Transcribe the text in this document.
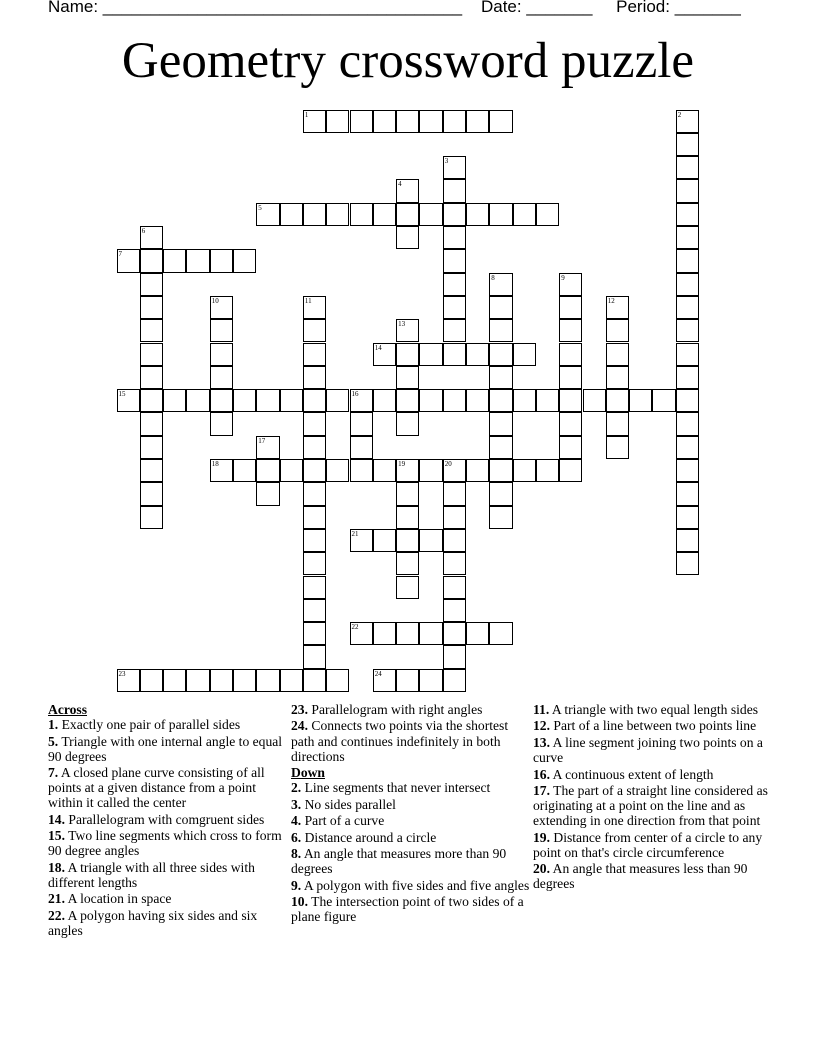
Name: ______________________________________    Date: _______     Period: _______
Geometry crossword puzzle
1	2
3
4
5
6
7
8	9
10	11	12
13
14
15	16
17
18	19	20
21
22
23	24
Across
1. Exactly one pair of parallel sides
5. Triangle with one internal angle to equal 90 degrees
7. A closed plane curve consisting of all points at a given distance from a point within it called the center
14. Parallelogram with comgruent sides
15. Two line segments which cross to form 90 degree angles
18. A triangle with all three sides with different lengths
21. A location in space
22. A polygon having six sides and six angles
23. Parallelogram with right angles
24. Connects two points via the shortest path and continues indefinitely in both directions
Down
2. Line segments that never intersect
3. No sides parallel
4. Part of a curve
6. Distance around a circle
8. An angle that measures more than 90 degrees
9. A polygon with five sides and five angles
10. The intersection point of two sides of a plane figure
11. A triangle with two equal length sides
12. Part of a line between two points line
13. A line segment joining two points on a curve
16. A continuous extent of length
17. The part of a straight line considered as originating at a point on the line and as extending in one direction from that point
19. Distance from center of a circle to any point on that's circle circumference
20. An angle that measures less than 90 degrees
